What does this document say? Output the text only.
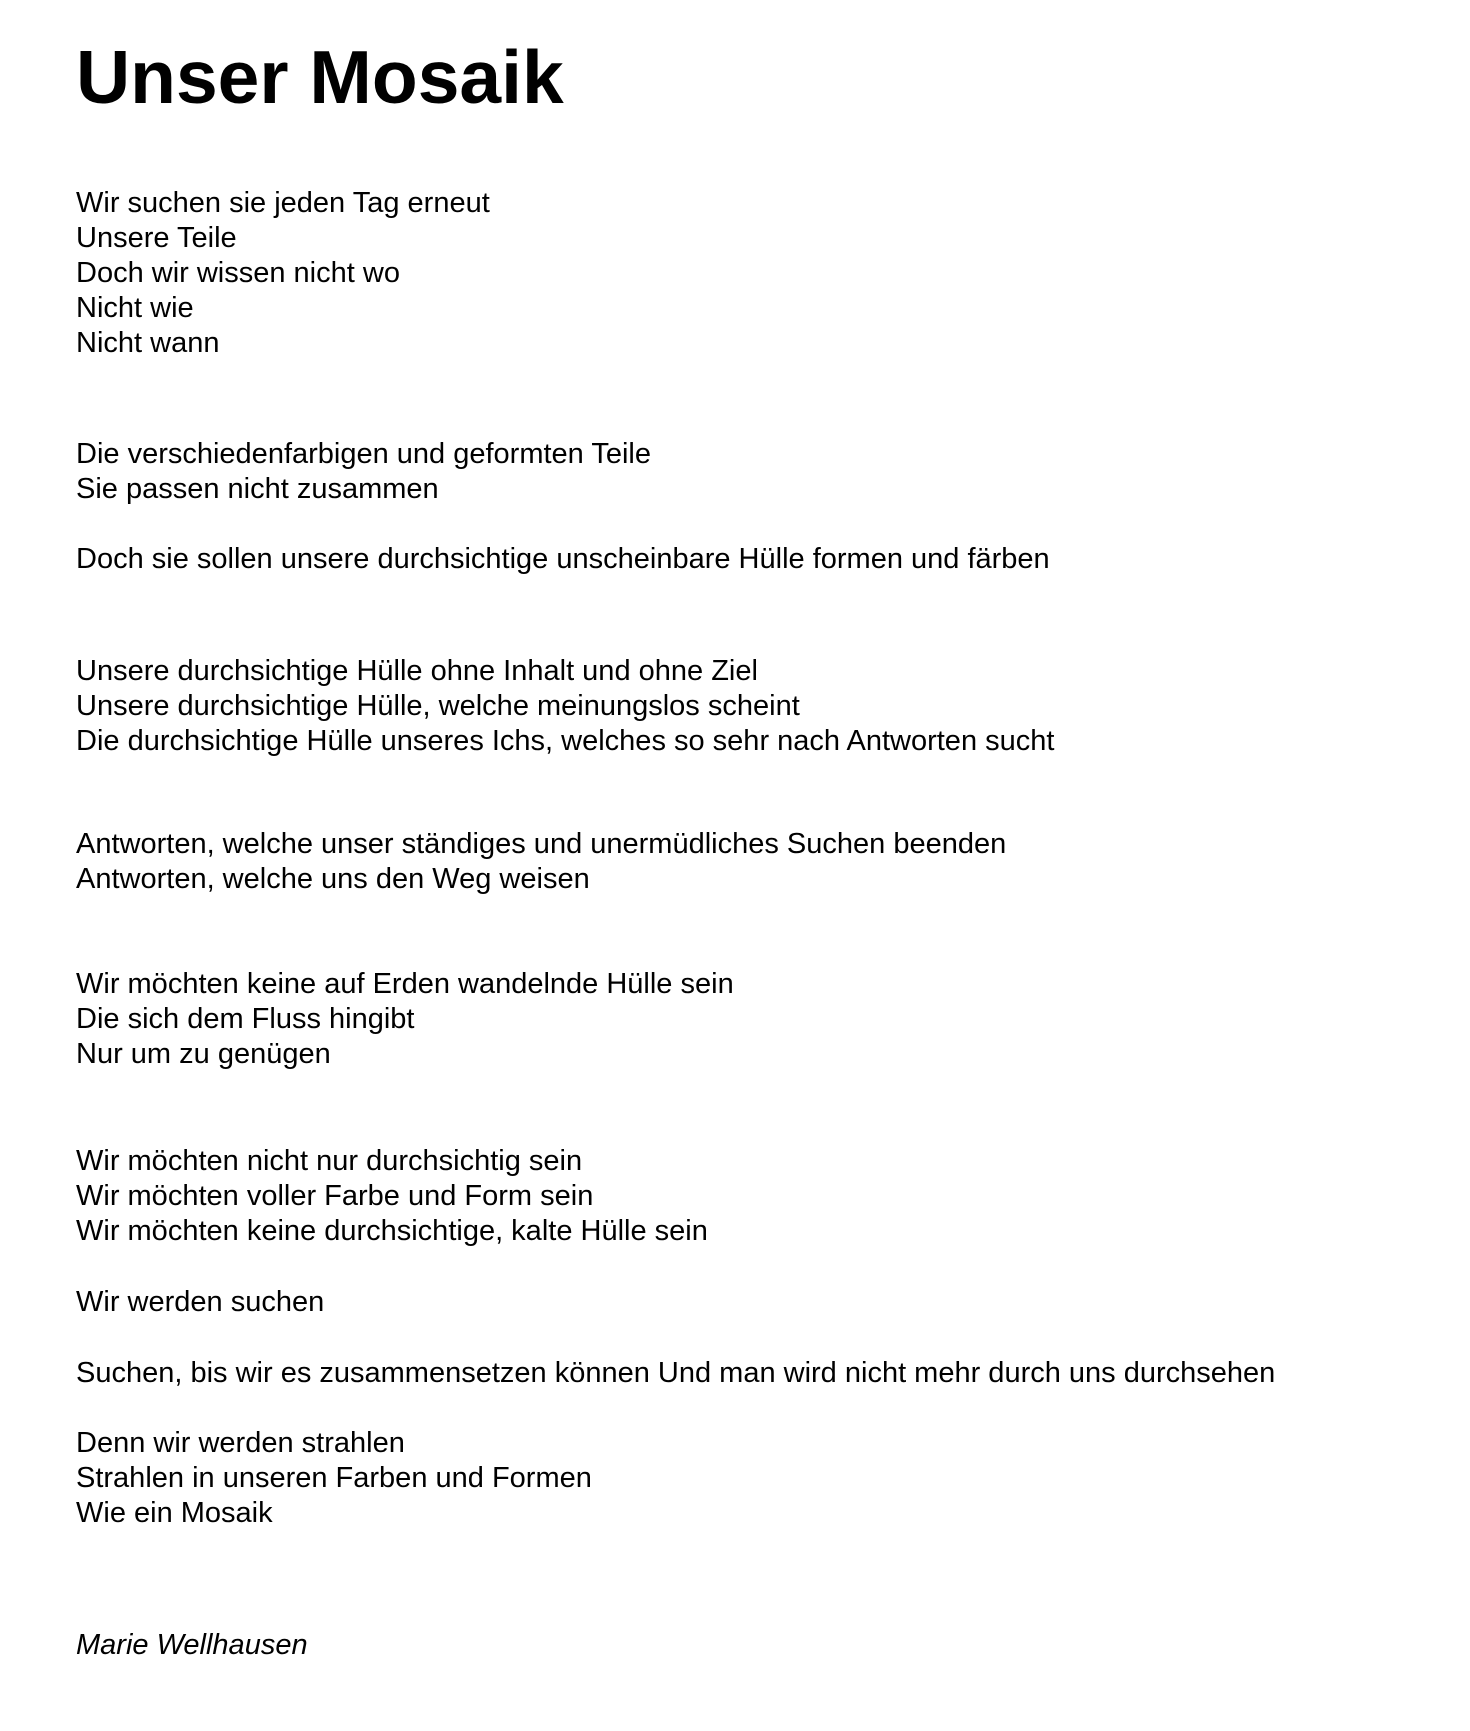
Unser Mosaik
Wir suchen sie jeden Tag erneut
Unsere Teile
Doch wir wissen nicht wo
Nicht wie
Nicht wann
Die verschiedenfarbigen und geformten Teile
Sie passen nicht zusammen
Doch sie sollen unsere durchsichtige unscheinbare Hülle formen und färben
Unsere durchsichtige Hülle ohne Inhalt und ohne Ziel
Unsere durchsichtige Hülle, welche meinungslos scheint
Die durchsichtige Hülle unseres Ichs, welches so sehr nach Antworten sucht
Antworten, welche unser ständiges und unermüdliches Suchen beenden
Antworten, welche uns den Weg weisen
Wir möchten keine auf Erden wandelnde Hülle sein
Die sich dem Fluss hingibt
Nur um zu genügen
Wir möchten nicht nur durchsichtig sein
Wir möchten voller Farbe und Form sein
Wir möchten keine durchsichtige, kalte Hülle sein
Wir werden suchen
Suchen, bis wir es zusammensetzen können Und man wird nicht mehr durch uns durchsehen
Denn wir werden strahlen
Strahlen in unseren Farben und Formen
Wie ein Mosaik
Marie Wellhausen
